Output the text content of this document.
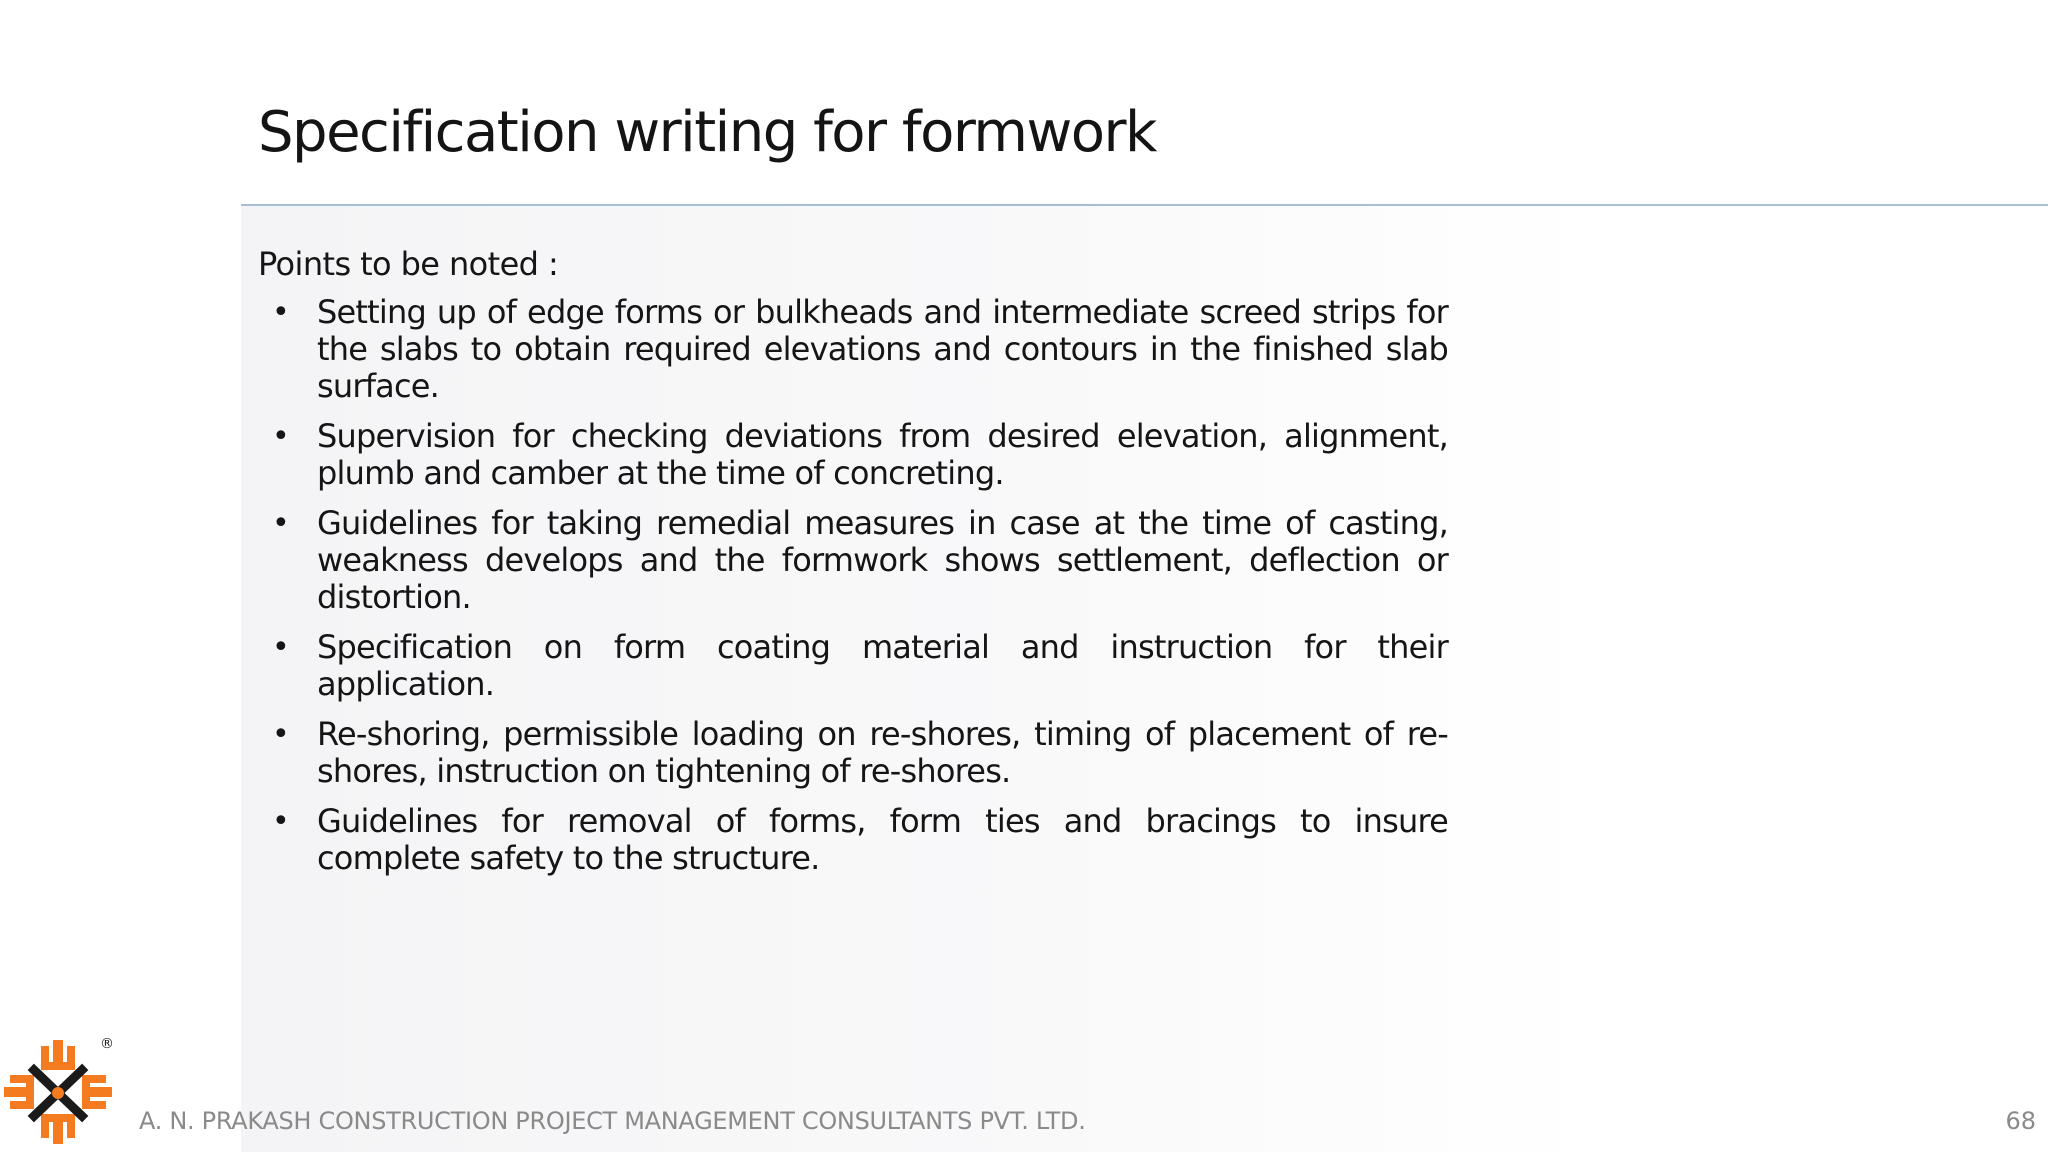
Specification writing for formwork
Points to be noted :
• Setting up of edge forms or bulkheads and intermediate screed strips for the slabs to obtain required elevations and contours in the finished slab surface.
• Supervision for checking deviations from desired elevation, alignment, plumb and camber at the time of concreting.
• Guidelines for taking remedial measures in case at the time of casting, weakness develops and the formwork shows settlement, deflection or distortion.
• Specification on form coating material and instruction for their application.
• Re-shoring, permissible loading on re-shores, timing of placement of re-shores, instruction on tightening of re-shores.
• Guidelines for removal of forms, form ties and bracings to insure complete safety to the structure.
®
A. N. PRAKASH CONSTRUCTION PROJECT MANAGEMENT CONSULTANTS PVT. LTD.	68
